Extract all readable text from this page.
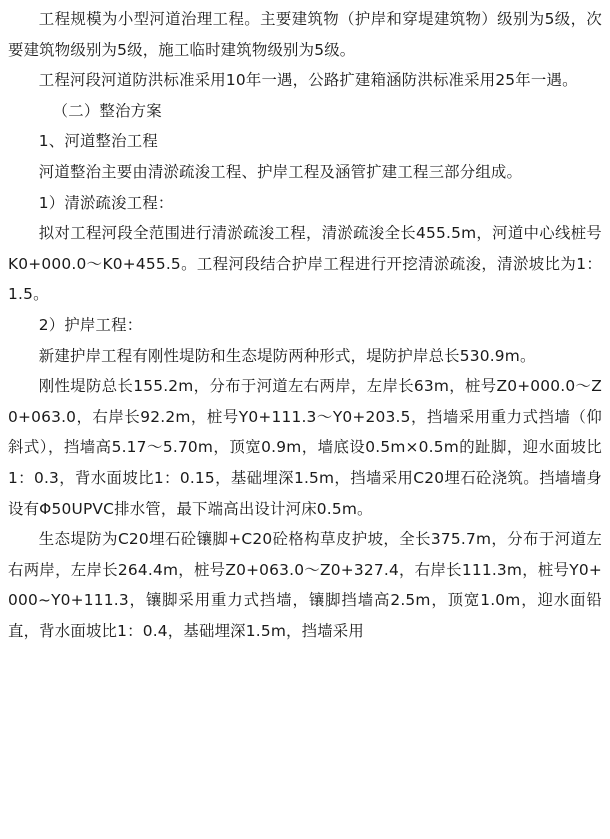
工程规模为小型河道治理工程。主要建筑物（护岸和穿堤建筑物）级别为5级，次要建筑物级别为5级，施工临时建筑物级别为5级。

工程河段河道防洪标准采用10年一遇，公路扩建箱涵防洪标准采用25年一遇。

（二）整治方案

1、河道整治工程

河道整治主要由清淤疏浚工程、护岸工程及涵管扩建工程三部分组成。

1）清淤疏浚工程：

拟对工程河段全范围进行清淤疏浚工程，清淤疏浚全长455.5m，河道中心线桩号K0+000.0～K0+455.5。工程河段结合护岸工程进行开挖清淤疏浚，清淤坡比为1：1.5。

2）护岸工程：

新建护岸工程有刚性堤防和生态堤防两种形式，堤防护岸总长530.9m。

刚性堤防总长155.2m，分布于河道左右两岸，左岸长63m，桩号Z0+000.0～Z0+063.0，右岸长92.2m，桩号Y0+111.3～Y0+203.5，挡墙采用重力式挡墙（仰斜式），挡墙高5.17～5.70m，顶宽0.9m，墙底设0.5m×0.5m的趾脚，迎水面坡比1：0.3，背水面坡比1：0.15，基础埋深1.5m，挡墙采用C20埋石砼浇筑。挡墙墙身设有Φ50UPVC排水管，最下端高出设计河床0.5m。

生态堤防为C20埋石砼镶脚+C20砼格构草皮护坡，全长375.7m，分布于河道左右两岸，左岸长264.4m，桩号Z0+063.0～Z0+327.4，右岸长111.3m，桩号Y0+000~Y0+111.3，镶脚采用重力式挡墙，镶脚挡墙高2.5m，顶宽1.0m，迎水面铅直，背水面坡比1：0.4，基础埋深1.5m，挡墙采用
